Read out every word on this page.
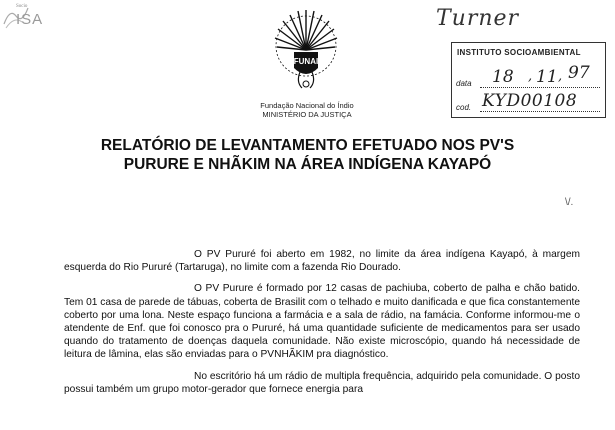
Socio
ISA
FUNAI
Fundação Nacional do Índio
MINISTÉRIO DA JUSTIÇA
Turner
INSTITUTO SOCIOAMBIENTAL
data 18 , 11 , 97
cod. KYD00108
RELATÓRIO DE LEVANTAMENTO EFETUADO NOS PV'S
PURURE E NHÃKIM NA ÁREA INDÍGENA KAYAPÓ
\/.

O PV Pururé foi aberto em 1982, no limite da área indígena Kayapó, à margem esquerda do Rio Pururé (Tartaruga), no limite com a fazenda Rio Dourado.

O PV Purure é formado por 12 casas de pachiuba, coberto de palha e chão batido. Tem 01 casa de parede de tábuas, coberta de Brasilit com o telhado e muito danificada e que fica constantemente coberto por uma lona. Neste espaço funciona a farmácia e a sala de rádio, na famácia. Conforme informou-me o atendente de Enf. que foi conosco pra o Pururé, há uma quantidade suficiente de medicamentos para ser usado quando do tratamento de doenças daquela comunidade. Não existe microscópio, quando há necessidade de leitura de lâmina, elas são enviadas para o PVNHÃKIM pra diagnóstico.

No escritório há um rádio de multipla frequência, adquirido pela comunidade. O posto possui também um grupo motor-gerador que fornece energia para
